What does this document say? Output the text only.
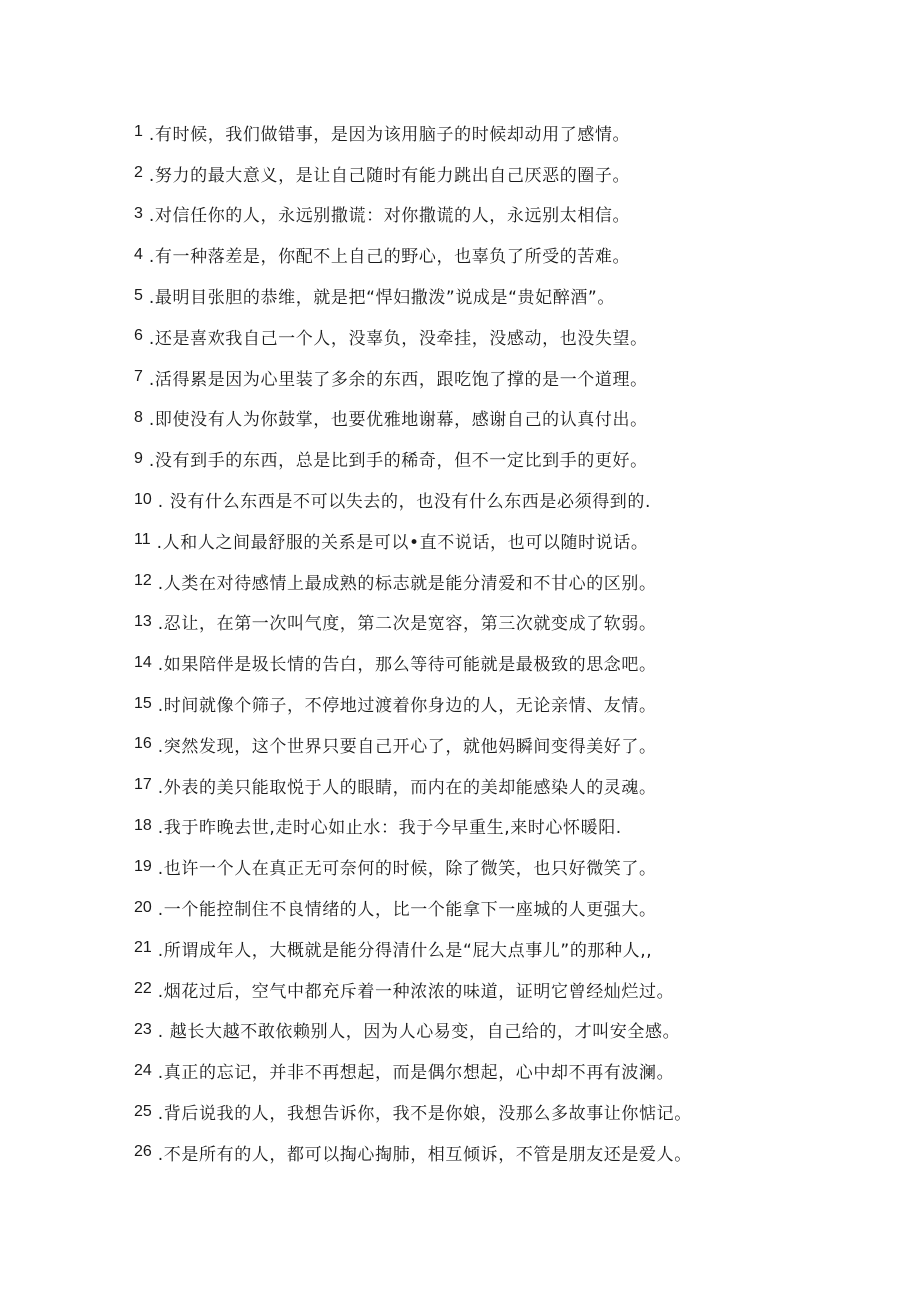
1 .有时候，我们做错事，是因为该用脑子的时候却动用了感情。
2 .努力的最大意义，是让自己随时有能力跳出自己厌恶的圈子。
3 .对信任你的人，永远别撒谎：对你撒谎的人，永远别太相信。
4 .有一种落差是，你配不上自己的野心，也辜负了所受的苦难。
5 .最明目张胆的恭维，就是把“悍妇撒泼”说成是“贵妃醉酒”。
6 .还是喜欢我自己一个人，没辜负，没牵挂，没感动，也没失望。
7 .活得累是因为心里装了多余的东西，跟吃饱了撑的是一个道理。
8 .即使没有人为你鼓掌，也要优雅地谢幕，感谢自己的认真付出。
9 .没有到手的东西，总是比到手的稀奇，但不一定比到手的更好。
10 . 没有什么东西是不可以失去的，也没有什么东西是必须得到的.
11 .人和人之间最舒服的关系是可以•直不说话，也可以随时说话。
12 .人类在对待感情上最成熟的标志就是能分清爱和不甘心的区别。
13 .忍让，在第一次叫气度，第二次是宽容，第三次就变成了软弱。
14 .如果陪伴是圾长情的告白，那么等待可能就是最极致的思念吧。
15 .时间就像个筛子，不停地过渡着你身边的人，无论亲情、友情。
16 .突然发现，这个世界只要自己开心了，就他妈瞬间变得美好了。
17 .外表的美只能取悦于人的眼睛，而内在的美却能感染人的灵魂。
18 .我于昨晚去世,走时心如止水：我于今早重生,来时心怀暖阳.
19 .也许一个人在真正无可奈何的时候，除了微笑，也只好微笑了。
20 .一个能控制住不良情绪的人，比一个能拿下一座城的人更强大。
21 .所谓成年人，大概就是能分得清什么是“屁大点事儿”的那种人,,
22 .烟花过后，空气中都充斥着一种浓浓的味道，证明它曾经灿烂过。
23 . 越长大越不敢依赖别人，因为人心易变，自己给的，才叫安全感。
24 .真正的忘记，并非不再想起，而是偶尔想起，心中却不再有波澜。
25 .背后说我的人，我想告诉你，我不是你娘，没那么多故事让你惦记。
26 .不是所有的人，都可以掏心掏肺，相互倾诉，不管是朋友还是爱人。
